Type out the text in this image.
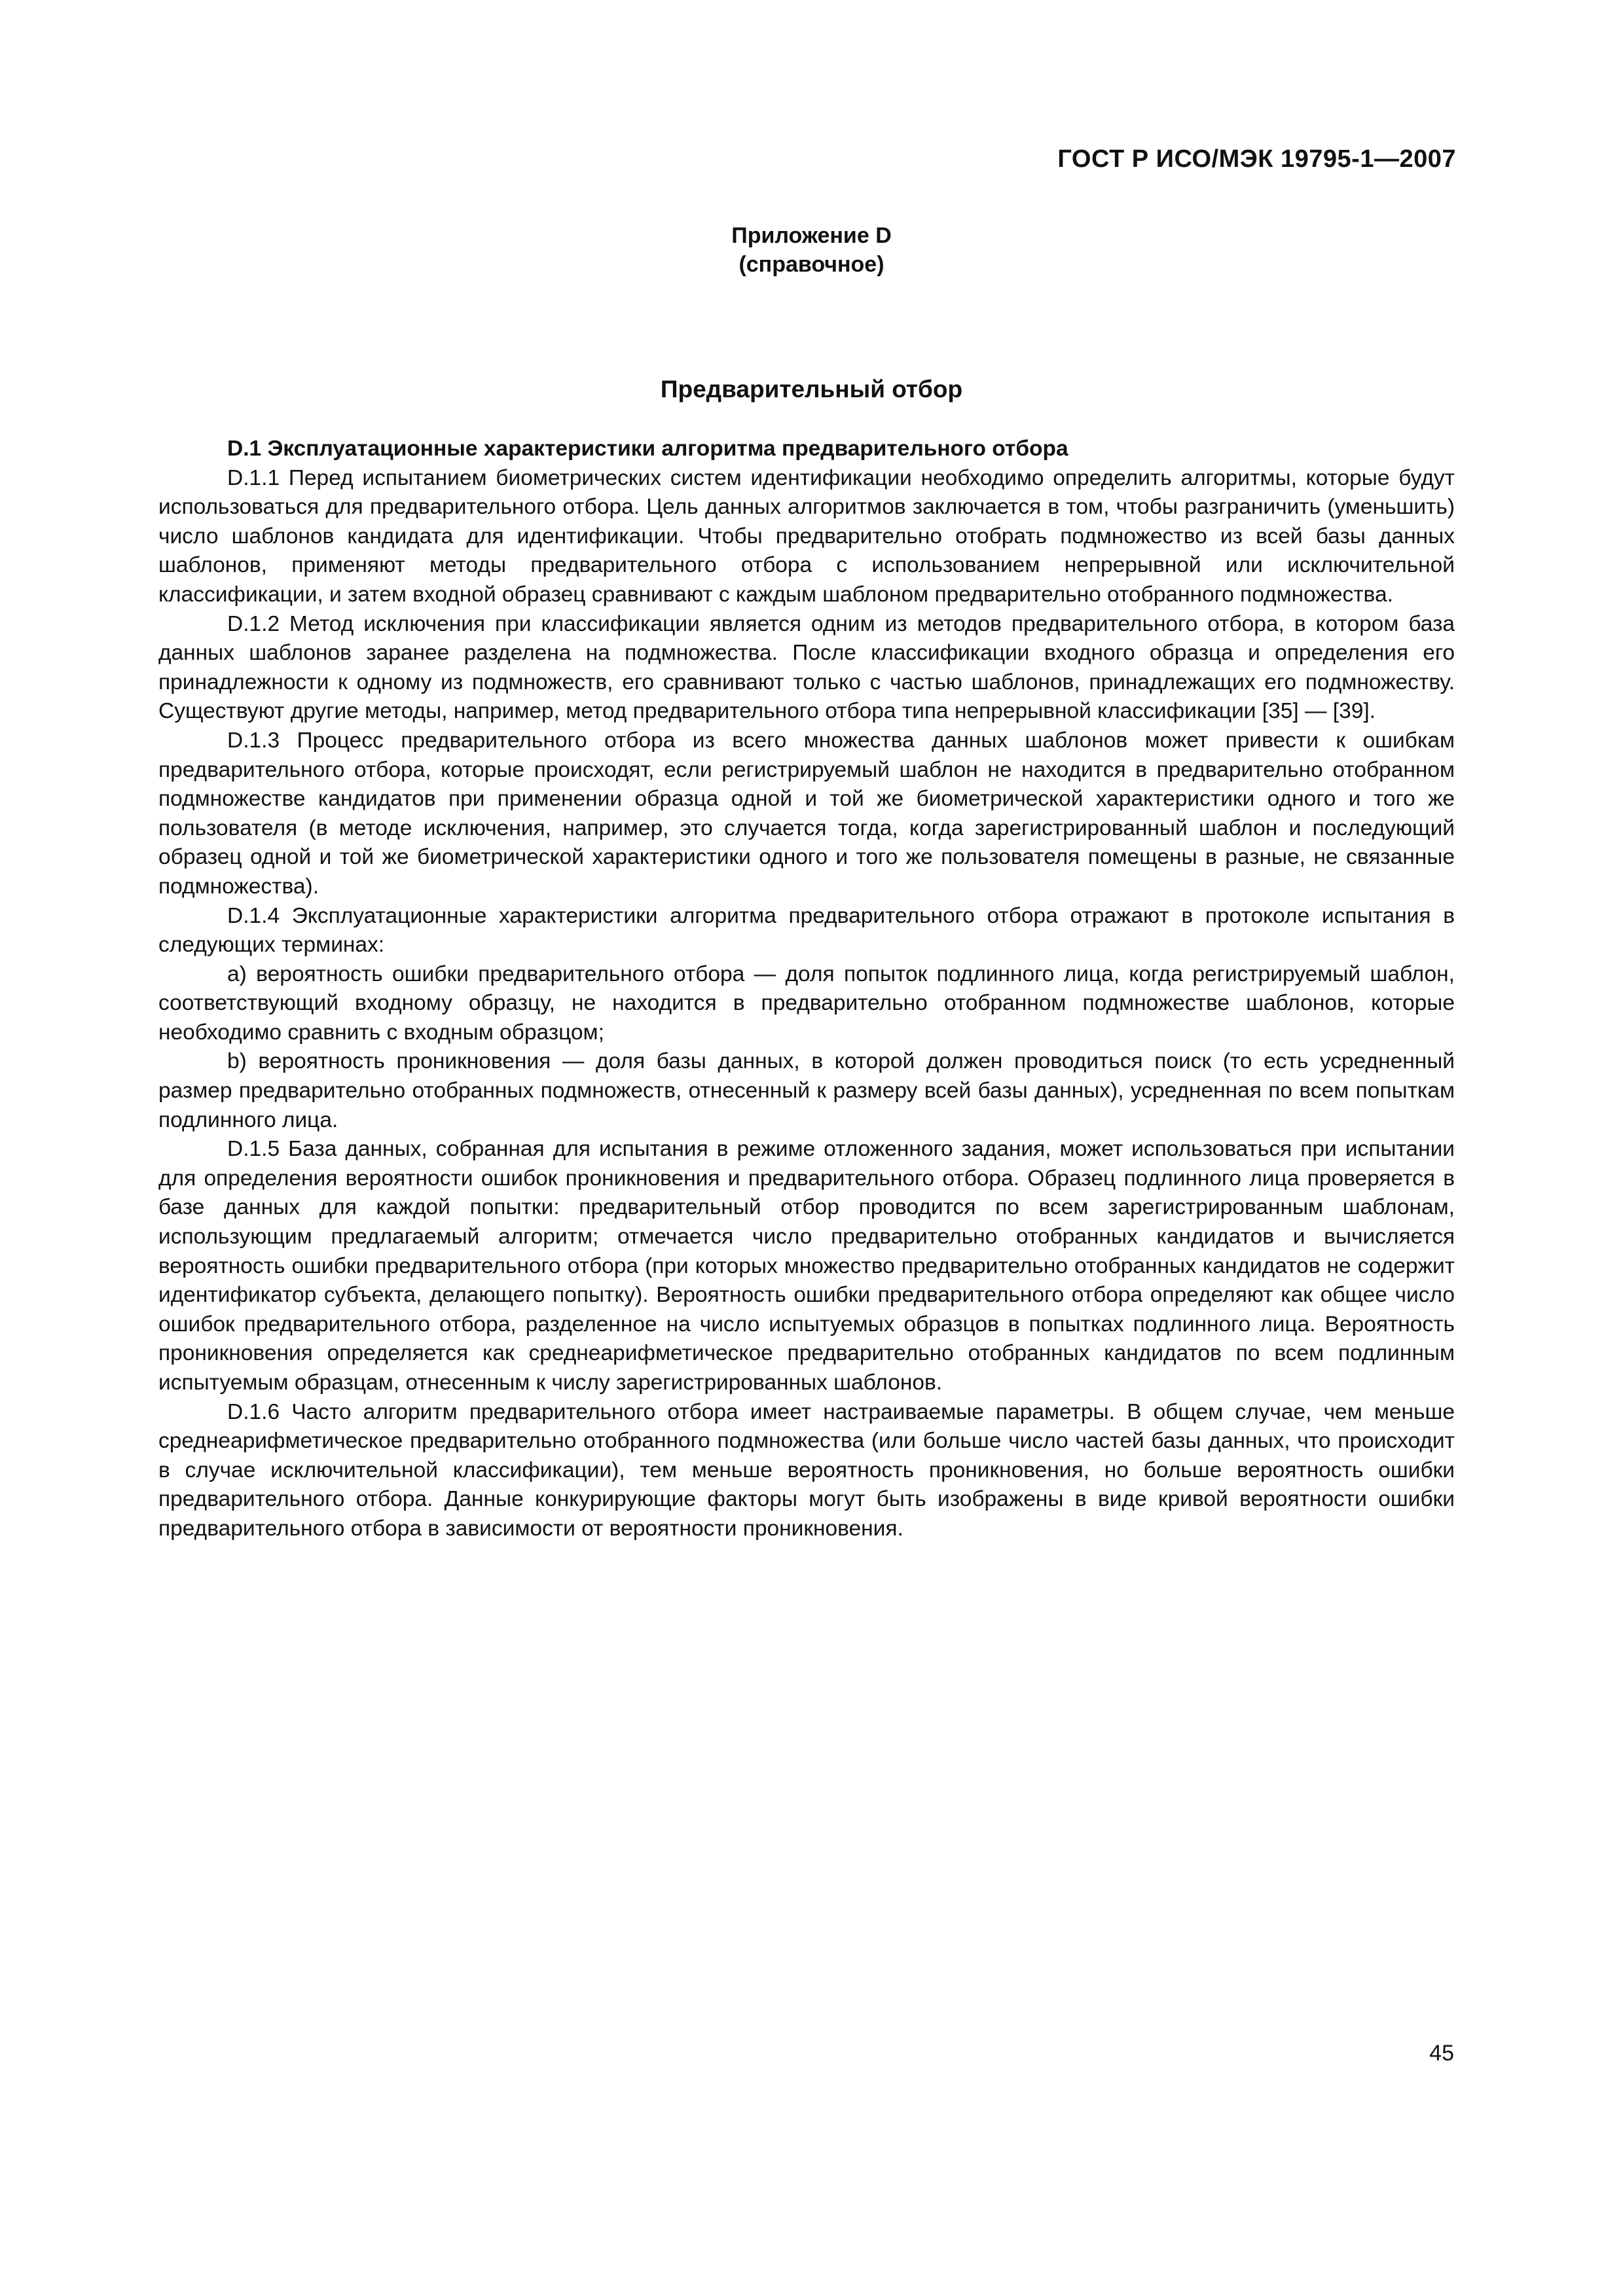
ГОСТ Р ИСО/МЭК 19795-1—2007
Приложение D
(справочное)
Предварительный отбор

D.1 Эксплуатационные характеристики алгоритма предварительного отбора

D.1.1 Перед испытанием биометрических систем идентификации необходимо определить алгоритмы, которые будут использоваться для предварительного отбора. Цель данных алгоритмов заключается в том, чтобы разграничить (уменьшить) число шаблонов кандидата для идентификации. Чтобы предварительно отобрать подмножество из всей базы данных шаблонов, применяют методы предварительного отбора с использованием непрерывной или исключительной классификации, и затем входной образец сравнивают с каждым шаблоном предварительно отобранного подмножества.

D.1.2 Метод исключения при классификации является одним из методов предварительного отбора, в котором база данных шаблонов заранее разделена на подмножества. После классификации входного образца и определения его принадлежности к одному из подмножеств, его сравнивают только с частью шаблонов, принадлежащих его подмножеству. Существуют другие методы, например, метод предварительного отбора типа непрерывной классификации [35] — [39].

D.1.3 Процесс предварительного отбора из всего множества данных шаблонов может привести к ошибкам предварительного отбора, которые происходят, если регистрируемый шаблон не находится в предварительно отобранном подмножестве кандидатов при применении образца одной и той же биометрической характеристики одного и того же пользователя (в методе исключения, например, это случается тогда, когда зарегистрированный шаблон и последующий образец одной и той же биометрической характеристики одного и того же пользователя помещены в разные, не связанные подмножества).

D.1.4 Эксплуатационные характеристики алгоритма предварительного отбора отражают в протоколе испытания в следующих терминах:

a) вероятность ошибки предварительного отбора — доля попыток подлинного лица, когда регистрируемый шаблон, соответствующий входному образцу, не находится в предварительно отобранном подмножестве шаблонов, которые необходимо сравнить с входным образцом;

b) вероятность проникновения — доля базы данных, в которой должен проводиться поиск (то есть усредненный размер предварительно отобранных подмножеств, отнесенный к размеру всей базы данных), усредненная по всем попыткам подлинного лица.

D.1.5 База данных, собранная для испытания в режиме отложенного задания, может использоваться при испытании для определения вероятности ошибок проникновения и предварительного отбора. Образец подлинного лица проверяется в базе данных для каждой попытки: предварительный отбор проводится по всем зарегистрированным шаблонам, использующим предлагаемый алгоритм; отмечается число предварительно отобранных кандидатов и вычисляется вероятность ошибки предварительного отбора (при которых множество предварительно отобранных кандидатов не содержит идентификатор субъекта, делающего попытку). Вероятность ошибки предварительного отбора определяют как общее число ошибок предварительного отбора, разделенное на число испытуемых образцов в попытках подлинного лица. Вероятность проникновения определяется как среднеарифметическое предварительно отобранных кандидатов по всем подлинным испытуемым образцам, отнесенным к числу зарегистрированных шаблонов.

D.1.6 Часто алгоритм предварительного отбора имеет настраиваемые параметры. В общем случае, чем меньше среднеарифметическое предварительно отобранного подмножества (или больше число частей базы данных, что происходит в случае исключительной классификации), тем меньше вероятность проникновения, но больше вероятность ошибки предварительного отбора. Данные конкурирующие факторы могут быть изображены в виде кривой вероятности ошибки предварительного отбора в зависимости от вероятности проникновения.

45
